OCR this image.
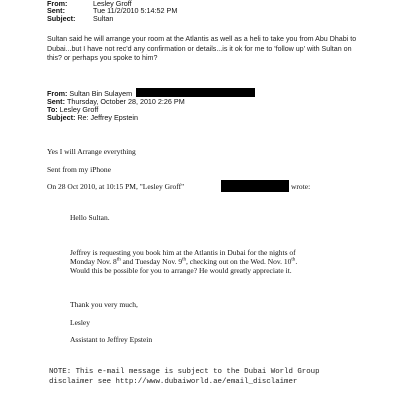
From:	Lesley Groff
Sent:	Tue 11/2/2010 5:14:52 PM
Subject: Sultan
Sultan said he will arrange your room at the Atlantis as well as a heli to take you from Abu Dhabi to Dubai...but I have not rec'd any confirmation or details...is it ok for me to 'follow up' with Sultan on this? or perhaps you spoke to him?
From: Sultan Bin Sulayem
Sent: Thursday, October 28, 2010 2:26 PM
To: Lesley Groff
Subject: Re: Jeffrey Epstein
Yes I will Arrange everything
Sent from my iPhone
On 28 Oct 2010, at 10:15 PM, "Lesley Groff"	wrote:
Hello Sultan.
Jeffrey is requesting you book him at the Atlantis in Dubai for the nights of
Monday Nov. 8th and Tuesday Nov. 9th, checking out on the Wed. Nov. 10th.
Would this be possible for you to arrange? He would greatly appreciate it.
Thank you very much,
Lesley
Assistant to Jeffrey Epstein
NOTE: This e-mail message is subject to the Dubai World Group
disclaimer see http://www.dubaiworld.ae/email_disclaimer
